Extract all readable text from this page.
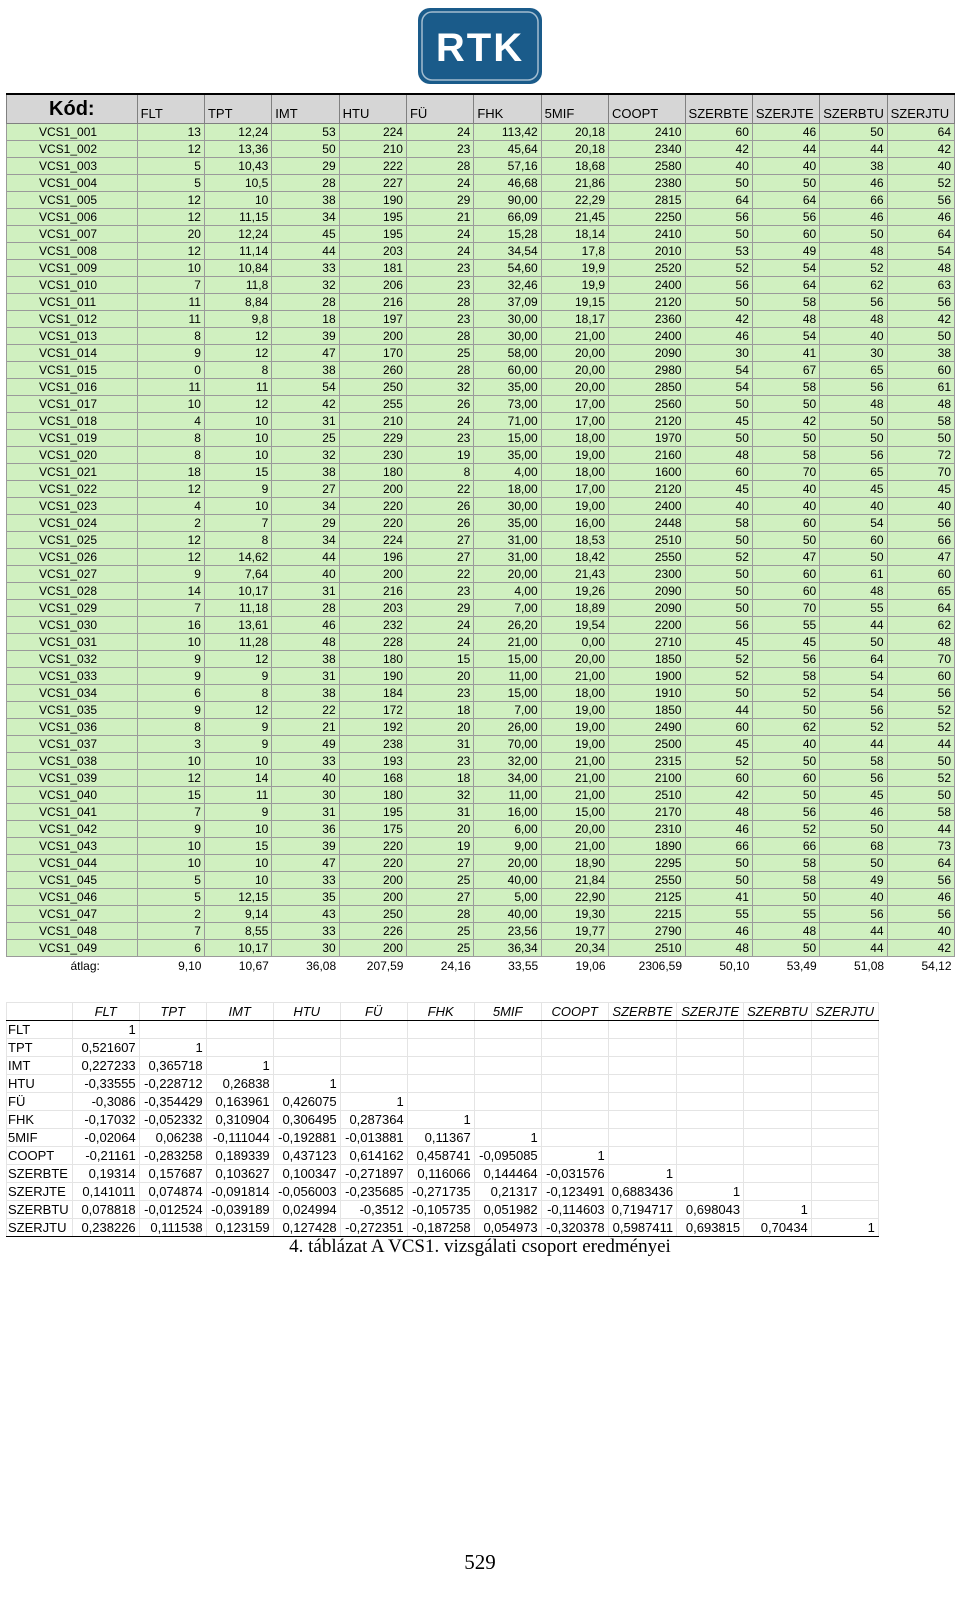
RTK
Kód:	FLT	TPT	IMT	HTU	FÜ	FHK	5MIF	COOPT	SZERBTE	SZERJTE	SZERBTU	SZERJTU
VCS1_001	13	12,24	53	224	24	113,42	20,18	2410	60	46	50	64
VCS1_002	12	13,36	50	210	23	45,64	20,18	2340	42	44	44	42
VCS1_003	5	10,43	29	222	28	57,16	18,68	2580	40	40	38	40
VCS1_004	5	10,5	28	227	24	46,68	21,86	2380	50	50	46	52
VCS1_005	12	10	38	190	29	90,00	22,29	2815	64	64	66	56
VCS1_006	12	11,15	34	195	21	66,09	21,45	2250	56	56	46	46
VCS1_007	20	12,24	45	195	24	15,28	18,14	2410	50	60	50	64
VCS1_008	12	11,14	44	203	24	34,54	17,8	2010	53	49	48	54
VCS1_009	10	10,84	33	181	23	54,60	19,9	2520	52	54	52	48
VCS1_010	7	11,8	32	206	23	32,46	19,9	2400	56	64	62	63
VCS1_011	11	8,84	28	216	28	37,09	19,15	2120	50	58	56	56
VCS1_012	11	9,8	18	197	23	30,00	18,17	2360	42	48	48	42
VCS1_013	8	12	39	200	28	30,00	21,00	2400	46	54	40	50
VCS1_014	9	12	47	170	25	58,00	20,00	2090	30	41	30	38
VCS1_015	0	8	38	260	28	60,00	20,00	2980	54	67	65	60
VCS1_016	11	11	54	250	32	35,00	20,00	2850	54	58	56	61
VCS1_017	10	12	42	255	26	73,00	17,00	2560	50	50	48	48
VCS1_018	4	10	31	210	24	71,00	17,00	2120	45	42	50	58
VCS1_019	8	10	25	229	23	15,00	18,00	1970	50	50	50	50
VCS1_020	8	10	32	230	19	35,00	19,00	2160	48	58	56	72
VCS1_021	18	15	38	180	8	4,00	18,00	1600	60	70	65	70
VCS1_022	12	9	27	200	22	18,00	17,00	2120	45	40	45	45
VCS1_023	4	10	34	220	26	30,00	19,00	2400	40	40	40	40
VCS1_024	2	7	29	220	26	35,00	16,00	2448	58	60	54	56
VCS1_025	12	8	34	224	27	31,00	18,53	2510	50	50	60	66
VCS1_026	12	14,62	44	196	27	31,00	18,42	2550	52	47	50	47
VCS1_027	9	7,64	40	200	22	20,00	21,43	2300	50	60	61	60
VCS1_028	14	10,17	31	216	23	4,00	19,26	2090	50	60	48	65
VCS1_029	7	11,18	28	203	29	7,00	18,89	2090	50	70	55	64
VCS1_030	16	13,61	46	232	24	26,20	19,54	2200	56	55	44	62
VCS1_031	10	11,28	48	228	24	21,00	0,00	2710	45	45	50	48
VCS1_032	9	12	38	180	15	15,00	20,00	1850	52	56	64	70
VCS1_033	9	9	31	190	20	11,00	21,00	1900	52	58	54	60
VCS1_034	6	8	38	184	23	15,00	18,00	1910	50	52	54	56
VCS1_035	9	12	22	172	18	7,00	19,00	1850	44	50	56	52
VCS1_036	8	9	21	192	20	26,00	19,00	2490	60	62	52	52
VCS1_037	3	9	49	238	31	70,00	19,00	2500	45	40	44	44
VCS1_038	10	10	33	193	23	32,00	21,00	2315	52	50	58	50
VCS1_039	12	14	40	168	18	34,00	21,00	2100	60	60	56	52
VCS1_040	15	11	30	180	32	11,00	21,00	2510	42	50	45	50
VCS1_041	7	9	31	195	31	16,00	15,00	2170	48	56	46	58
VCS1_042	9	10	36	175	20	6,00	20,00	2310	46	52	50	44
VCS1_043	10	15	39	220	19	9,00	21,00	1890	66	66	68	73
VCS1_044	10	10	47	220	27	20,00	18,90	2295	50	58	50	64
VCS1_045	5	10	33	200	25	40,00	21,84	2550	50	58	49	56
VCS1_046	5	12,15	35	200	27	5,00	22,90	2125	41	50	40	46
VCS1_047	2	9,14	43	250	28	40,00	19,30	2215	55	55	56	56
VCS1_048	7	8,55	33	226	25	23,56	19,77	2790	46	48	44	40
VCS1_049	6	10,17	30	200	25	36,34	20,34	2510	48	50	44	42
átlag:	9,10	10,67	36,08	207,59	24,16	33,55	19,06	2306,59	50,10	53,49	51,08	54,12
	FLT	TPT	IMT	HTU	FÜ	FHK	5MIF	COOPT	SZERBTE	SZERJTE	SZERBTU	SZERJTU
FLT	1											
TPT	0,521607	1										
IMT	0,227233	0,365718	1									
HTU	-0,33555	-0,228712	0,26838	1								
FÜ	-0,3086	-0,354429	0,163961	0,426075	1							
FHK	-0,17032	-0,052332	0,310904	0,306495	0,287364	1						
5MIF	-0,02064	0,06238	-0,111044	-0,192881	-0,013881	0,11367	1					
COOPT	-0,21161	-0,283258	0,189339	0,437123	0,614162	0,458741	-0,095085	1				
SZERBTE	0,19314	0,157687	0,103627	0,100347	-0,271897	0,116066	0,144464	-0,031576	1			
SZERJTE	0,141011	0,074874	-0,091814	-0,056003	-0,235685	-0,271735	0,21317	-0,123491	0,6883436	1		
SZERBTU	0,078818	-0,012524	-0,039189	0,024994	-0,3512	-0,105735	0,051982	-0,114603	0,7194717	0,698043	1	
SZERJTU	0,238226	0,111538	0,123159	0,127428	-0,272351	-0,187258	0,054973	-0,320378	0,5987411	0,693815	0,70434	1
4. táblázat A VCS1. vizsgálati csoport eredményei
529
